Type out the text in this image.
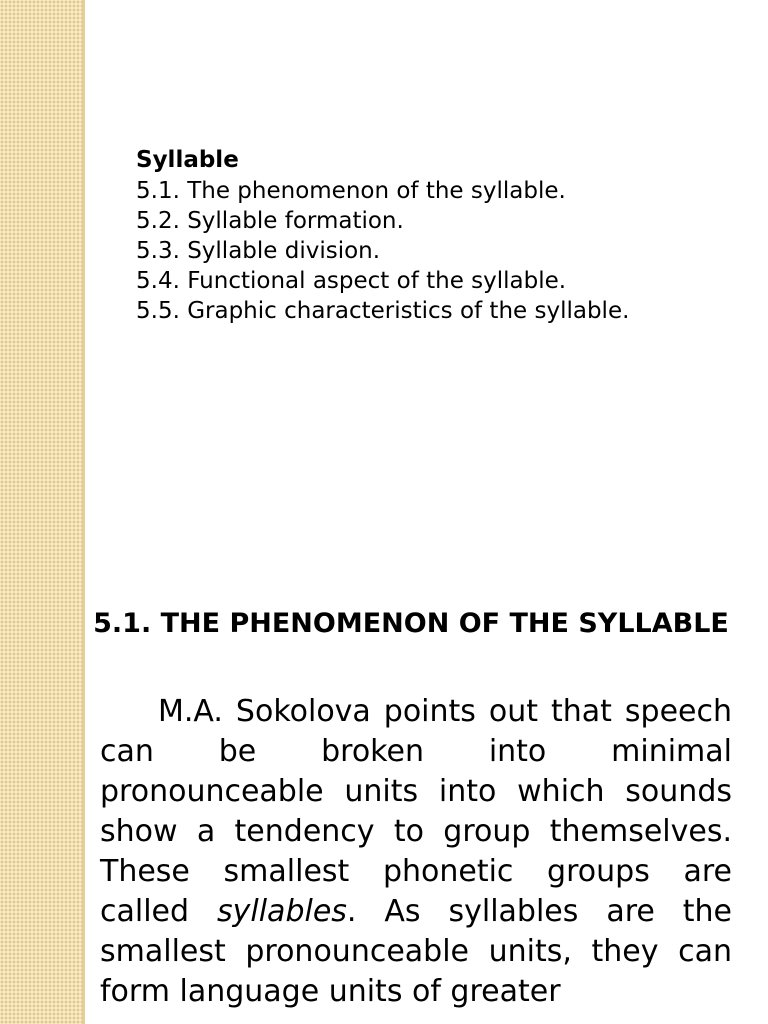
Syllable

5.1. The phenomenon of the syllable.
5.2. Syllable formation.
5.3. Syllable division.
5.4. Functional aspect of the syllable.
5.5. Graphic characteristics of the syllable.
5.1. THE PHENOMENON OF THE SYLLABLE

M.A. Sokolova points out that speech can be broken into minimal pronounceable units into which sounds show a tendency to group themselves. These smallest phonetic groups are called syllables. As syllables are the smallest pronounceable units, they can form language units of greater
